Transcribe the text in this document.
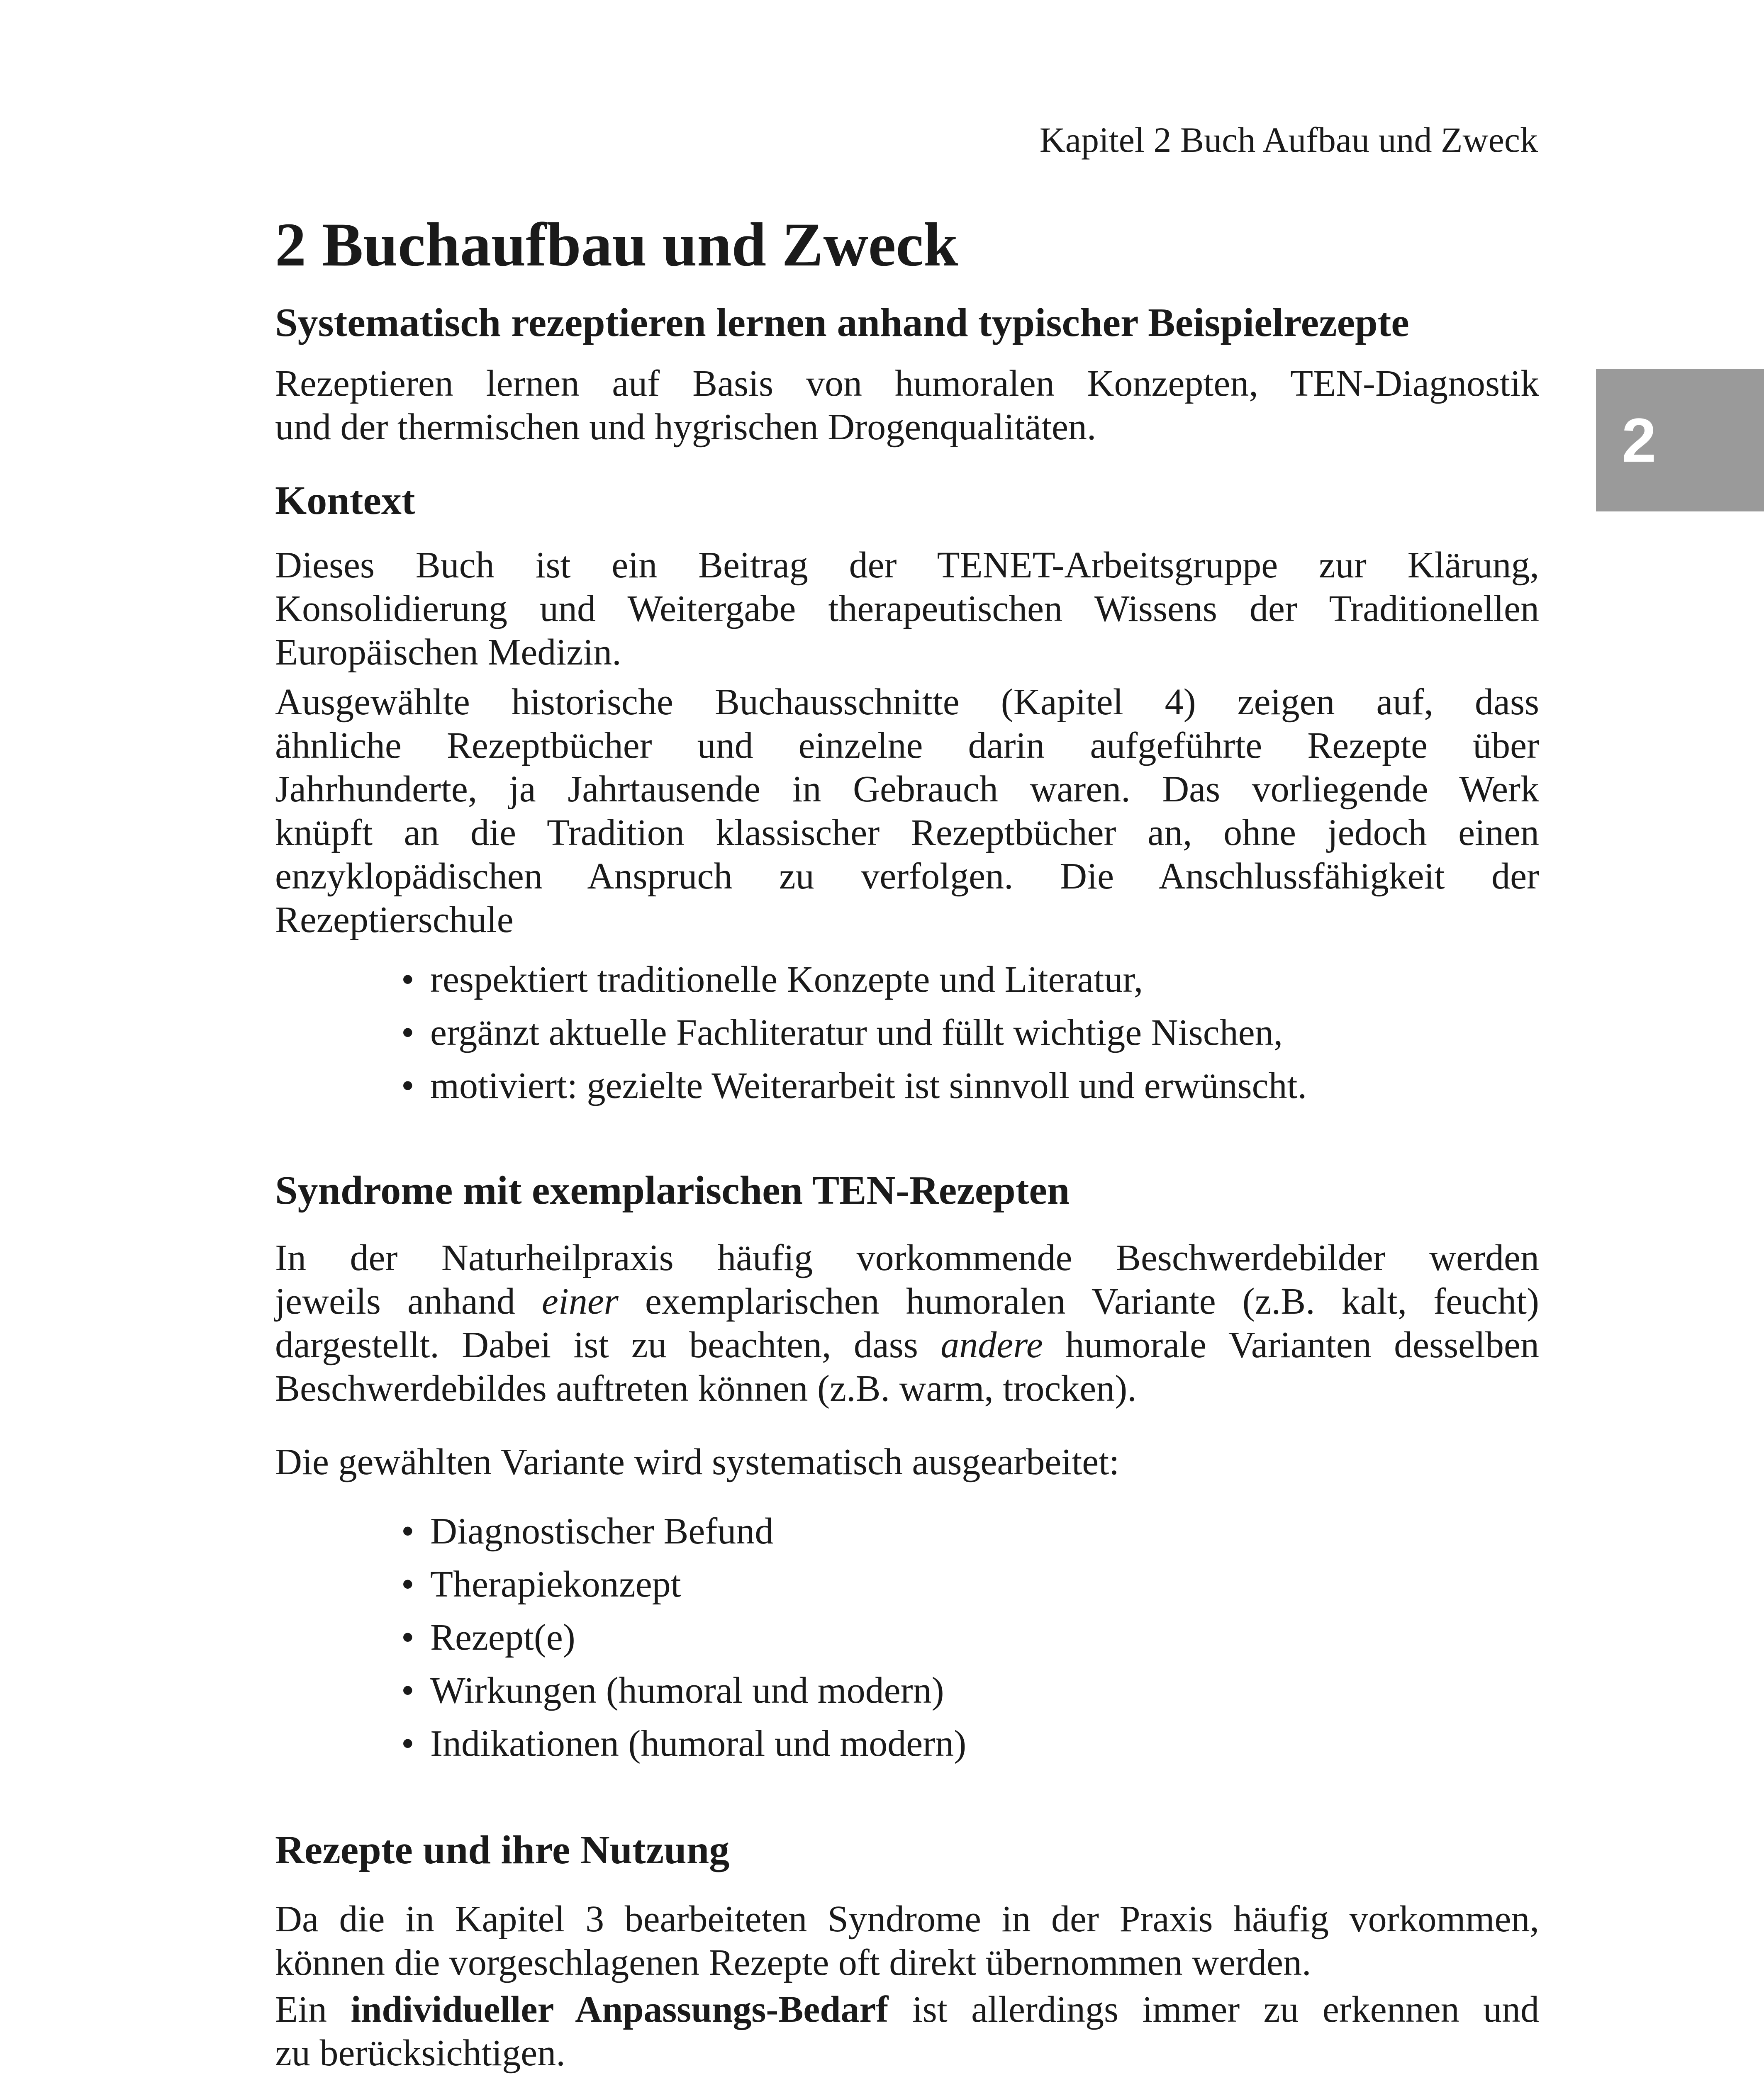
Kapitel 2 Buch Aufbau und Zweck
2 Buchaufbau und Zweck
Systematisch rezeptieren lernen anhand typischer Beispielrezepte
Rezeptieren lernen auf Basis von humoralen Konzepten, TEN-Diagnostik
und der thermischen und hygrischen Drogenqualitäten.	2
Kontext
Dieses Buch ist ein Beitrag der TENET-Arbeitsgruppe zur Klärung,
Konsolidierung und Weitergabe therapeutischen Wissens der Traditionellen
Europäischen Medizin.
Ausgewählte historische Buchausschnitte (Kapitel 4) zeigen auf, dass
ähnliche Rezeptbücher und einzelne darin aufgeführte Rezepte über
Jahrhunderte, ja Jahrtausende in Gebrauch waren. Das vorliegende Werk
knüpft an die Tradition klassischer Rezeptbücher an, ohne jedoch einen
enzyklopädischen Anspruch zu verfolgen. Die Anschlussfähigkeit der
Rezeptierschule
• respektiert traditionelle Konzepte und Literatur,
• ergänzt aktuelle Fachliteratur und füllt wichtige Nischen,
• motiviert: gezielte Weiterarbeit ist sinnvoll und erwünscht.
Syndrome mit exemplarischen TEN-Rezepten
In der Naturheilpraxis häufig vorkommende Beschwerdebilder werden
jeweils anhand einer exemplarischen humoralen Variante (z.B. kalt, feucht)
dargestellt. Dabei ist zu beachten, dass andere humorale Varianten desselben
Beschwerdebildes auftreten können (z.B. warm, trocken).
Die gewählten Variante wird systematisch ausgearbeitet:
• Diagnostischer Befund
• Therapiekonzept
• Rezept(e)
• Wirkungen (humoral und modern)
• Indikationen (humoral und modern)
Rezepte und ihre Nutzung
Da die in Kapitel 3 bearbeiteten Syndrome in der Praxis häufig vorkommen,
können die vorgeschlagenen Rezepte oft direkt übernommen werden.
Ein individueller Anpassungs-Bedarf ist allerdings immer zu erkennen und
zu berücksichtigen.
